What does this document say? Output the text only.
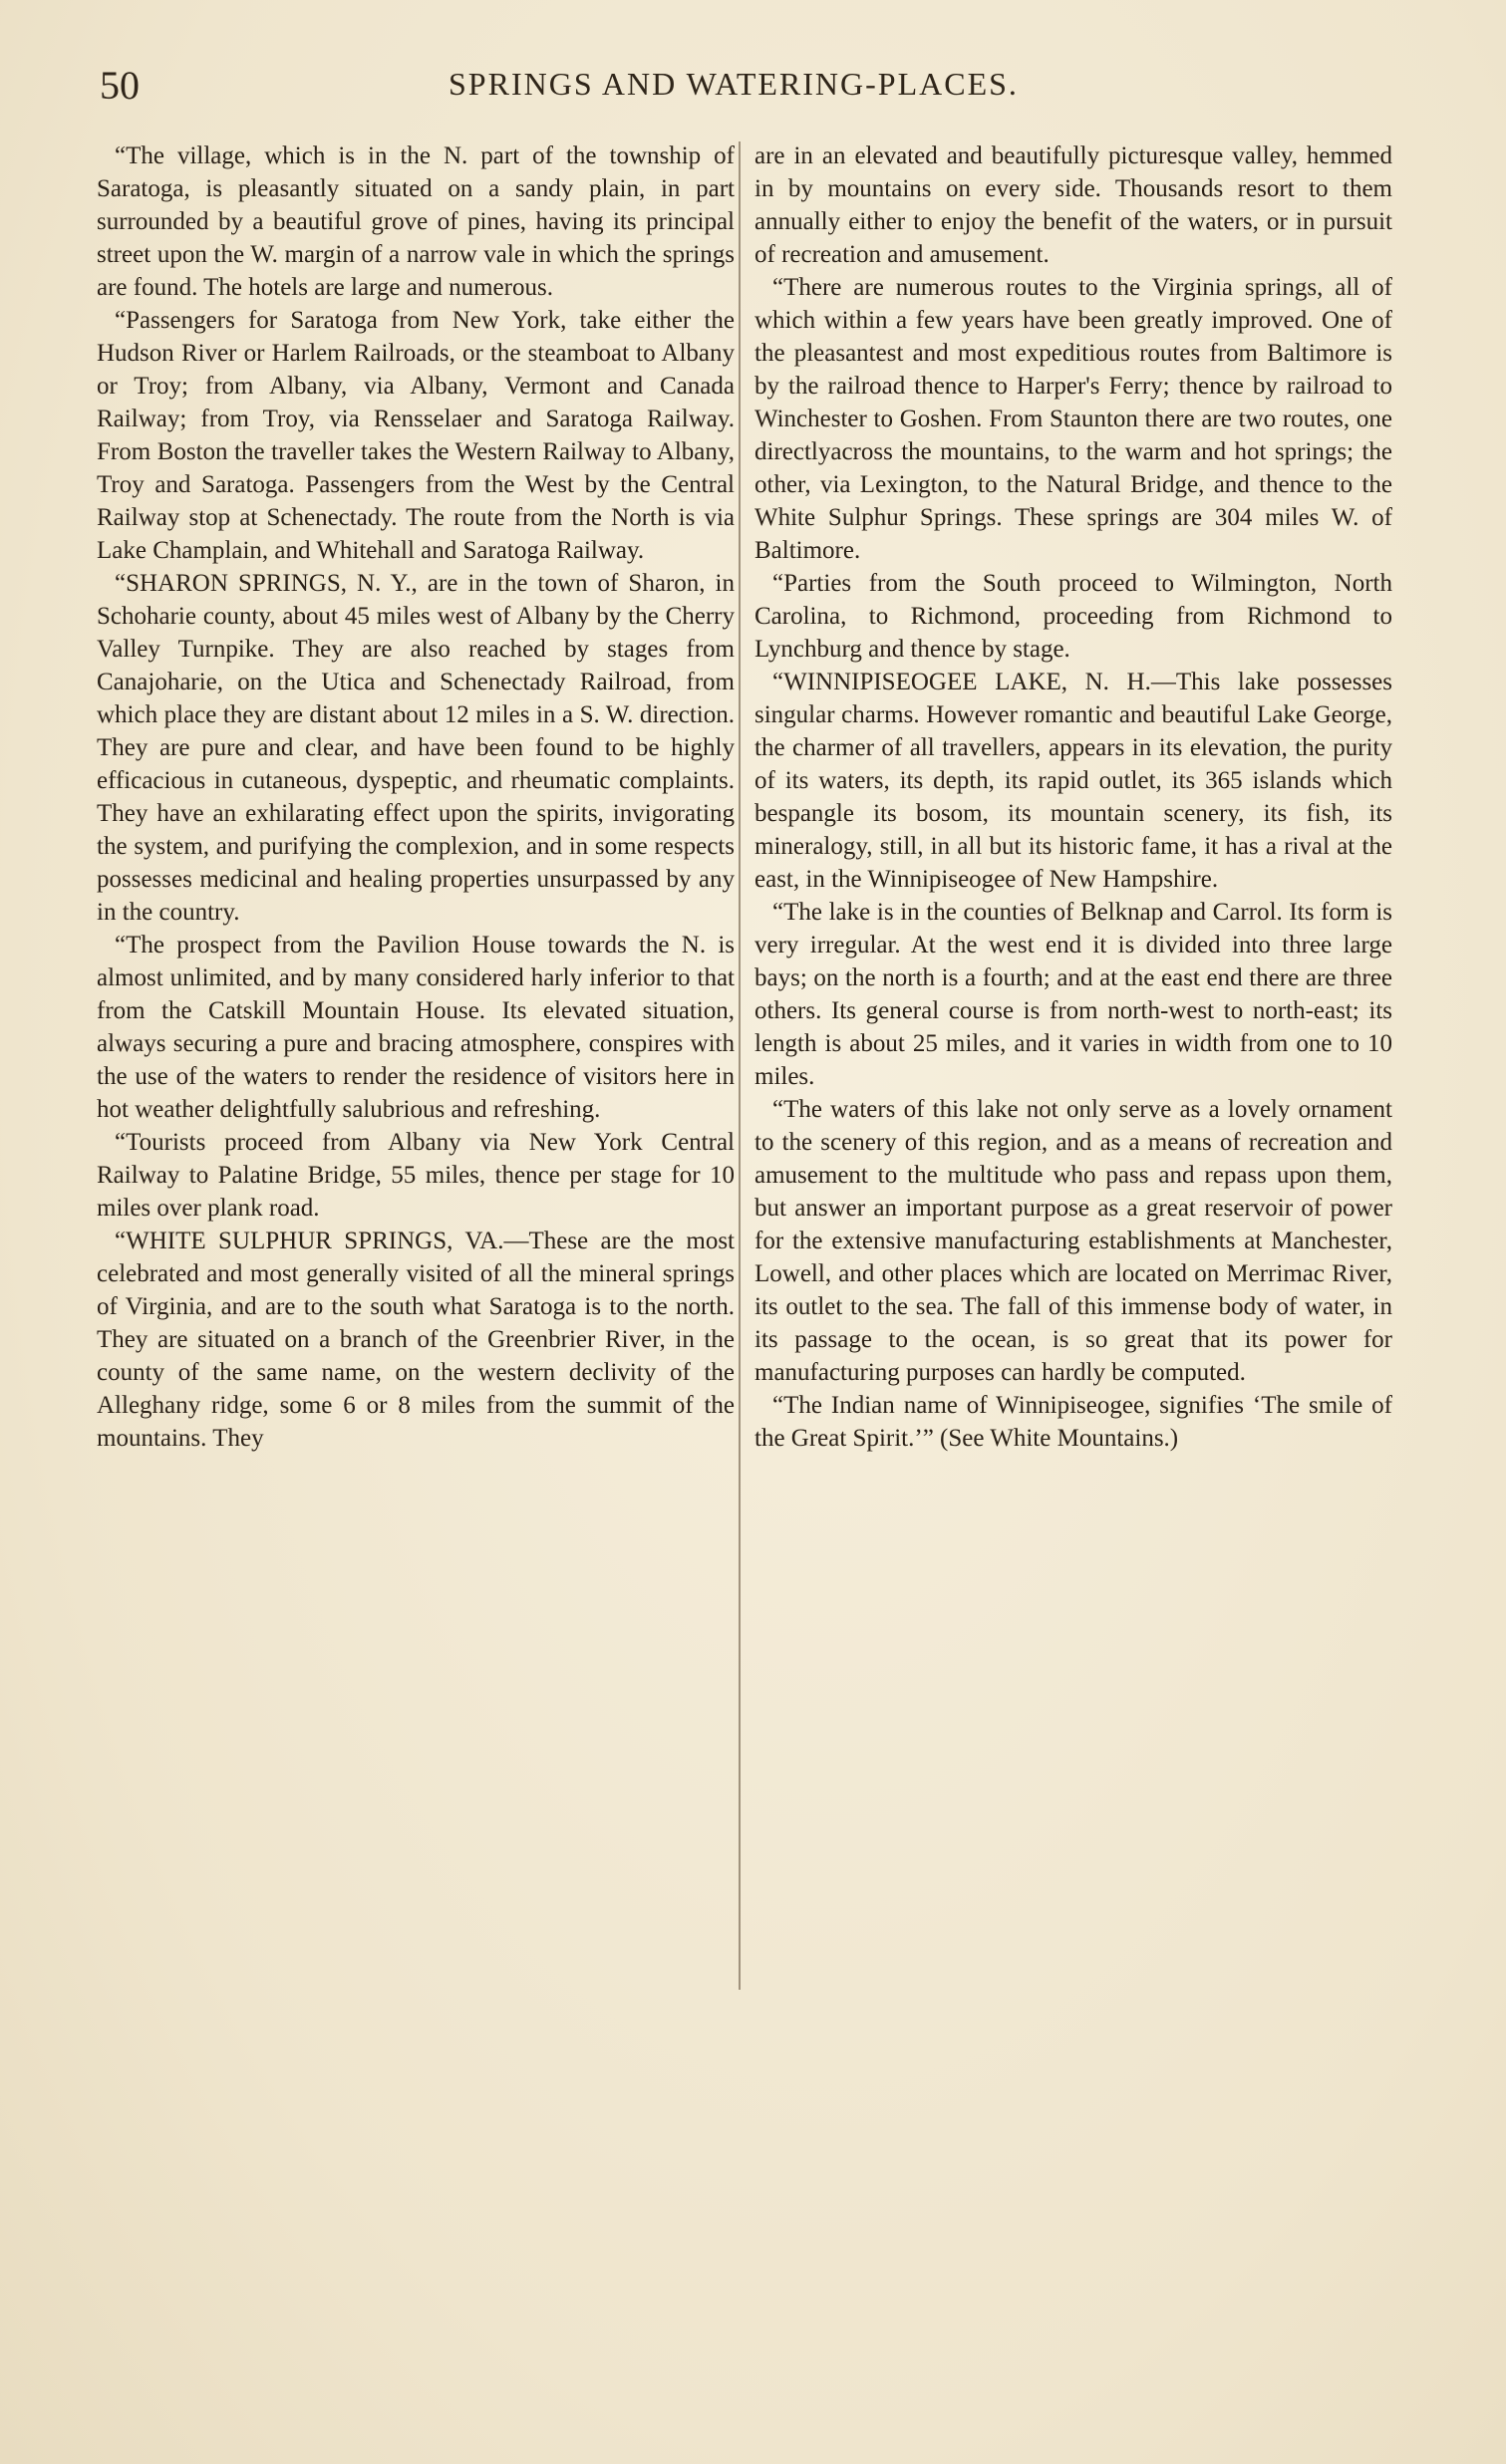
50	SPRINGS AND WATERING-PLACES.

“The village, which is in the N. part of the township of Saratoga, is pleasantly situated on a sandy plain, in part surrounded by a beautiful grove of pines, having its principal street upon the W. margin of a narrow vale in which the springs are found. The hotels are large and numerous.

“Passengers for Saratoga from New York, take either the Hudson River or Harlem Railroads, or the steamboat to Albany or Troy; from Albany, via Albany, Vermont and Canada Railway; from Troy, via Rensselaer and Saratoga Railway. From Boston the traveller takes the Western Railway to Albany, Troy and Saratoga. Passengers from the West by the Central Railway stop at Schenectady. The route from the North is via Lake Champlain, and Whitehall and Saratoga Railway.

“SHARON SPRINGS, N. Y., are in the town of Sharon, in Schoharie county, about 45 miles west of Albany by the Cherry Valley Turnpike. They are also reached by stages from Canajoharie, on the Utica and Schenectady Railroad, from which place they are distant about 12 miles in a S. W. direction. They are pure and clear, and have been found to be highly efficacious in cutaneous, dyspeptic, and rheumatic complaints. They have an exhilarating effect upon the spirits, invigorating the system, and purifying the complexion, and in some respects possesses medicinal and healing properties unsurpassed by any in the country.

“The prospect from the Pavilion House towards the N. is almost unlimited, and by many considered harly inferior to that from the Catskill Mountain House. Its elevated situation, always securing a pure and bracing atmosphere, conspires with the use of the waters to render the residence of visitors here in hot weather delightfully salubrious and refreshing.

“Tourists proceed from Albany via New York Central Railway to Palatine Bridge, 55 miles, thence per stage for 10 miles over plank road.

“WHITE SULPHUR SPRINGS, VA.—These are the most celebrated and most generally visited of all the mineral springs of Virginia, and are to the south what Saratoga is to the north. They are situated on a branch of the Greenbrier River, in the county of the same name, on the western declivity of the Alleghany ridge, some 6 or 8 miles from the summit of the mountains. They

are in an elevated and beautifully picturesque valley, hemmed in by mountains on every side. Thousands resort to them annually either to enjoy the benefit of the waters, or in pursuit of recreation and amusement.

“There are numerous routes to the Virginia springs, all of which within a few years have been greatly improved. One of the pleasantest and most expeditious routes from Baltimore is by the railroad thence to Harper's Ferry; thence by railroad to Winchester to Goshen. From Staunton there are two routes, one directlyacross the mountains, to the warm and hot springs; the other, via Lexington, to the Natural Bridge, and thence to the White Sulphur Springs. These springs are 304 miles W. of Baltimore.

“Parties from the South proceed to Wilmington, North Carolina, to Richmond, proceeding from Richmond to Lynchburg and thence by stage.

“WINNIPISEOGEE LAKE, N. H.—This lake possesses singular charms. However romantic and beautiful Lake George, the charmer of all travellers, appears in its elevation, the purity of its waters, its depth, its rapid outlet, its 365 islands which bespangle its bosom, its mountain scenery, its fish, its mineralogy, still, in all but its historic fame, it has a rival at the east, in the Winnipiseogee of New Hampshire.

“The lake is in the counties of Belknap and Carrol. Its form is very irregular. At the west end it is divided into three large bays; on the north is a fourth; and at the east end there are three others. Its general course is from north-west to north-east; its length is about 25 miles, and it varies in width from one to 10 miles.

“The waters of this lake not only serve as a lovely ornament to the scenery of this region, and as a means of recreation and amusement to the multitude who pass and repass upon them, but answer an important purpose as a great reservoir of power for the extensive manufacturing establishments at Manchester, Lowell, and other places which are located on Merrimac River, its outlet to the sea. The fall of this immense body of water, in its passage to the ocean, is so great that its power for manufacturing purposes can hardly be computed.

“The Indian name of Winnipiseogee, signifies ‘The smile of the Great Spirit.’” (See White Mountains.)
